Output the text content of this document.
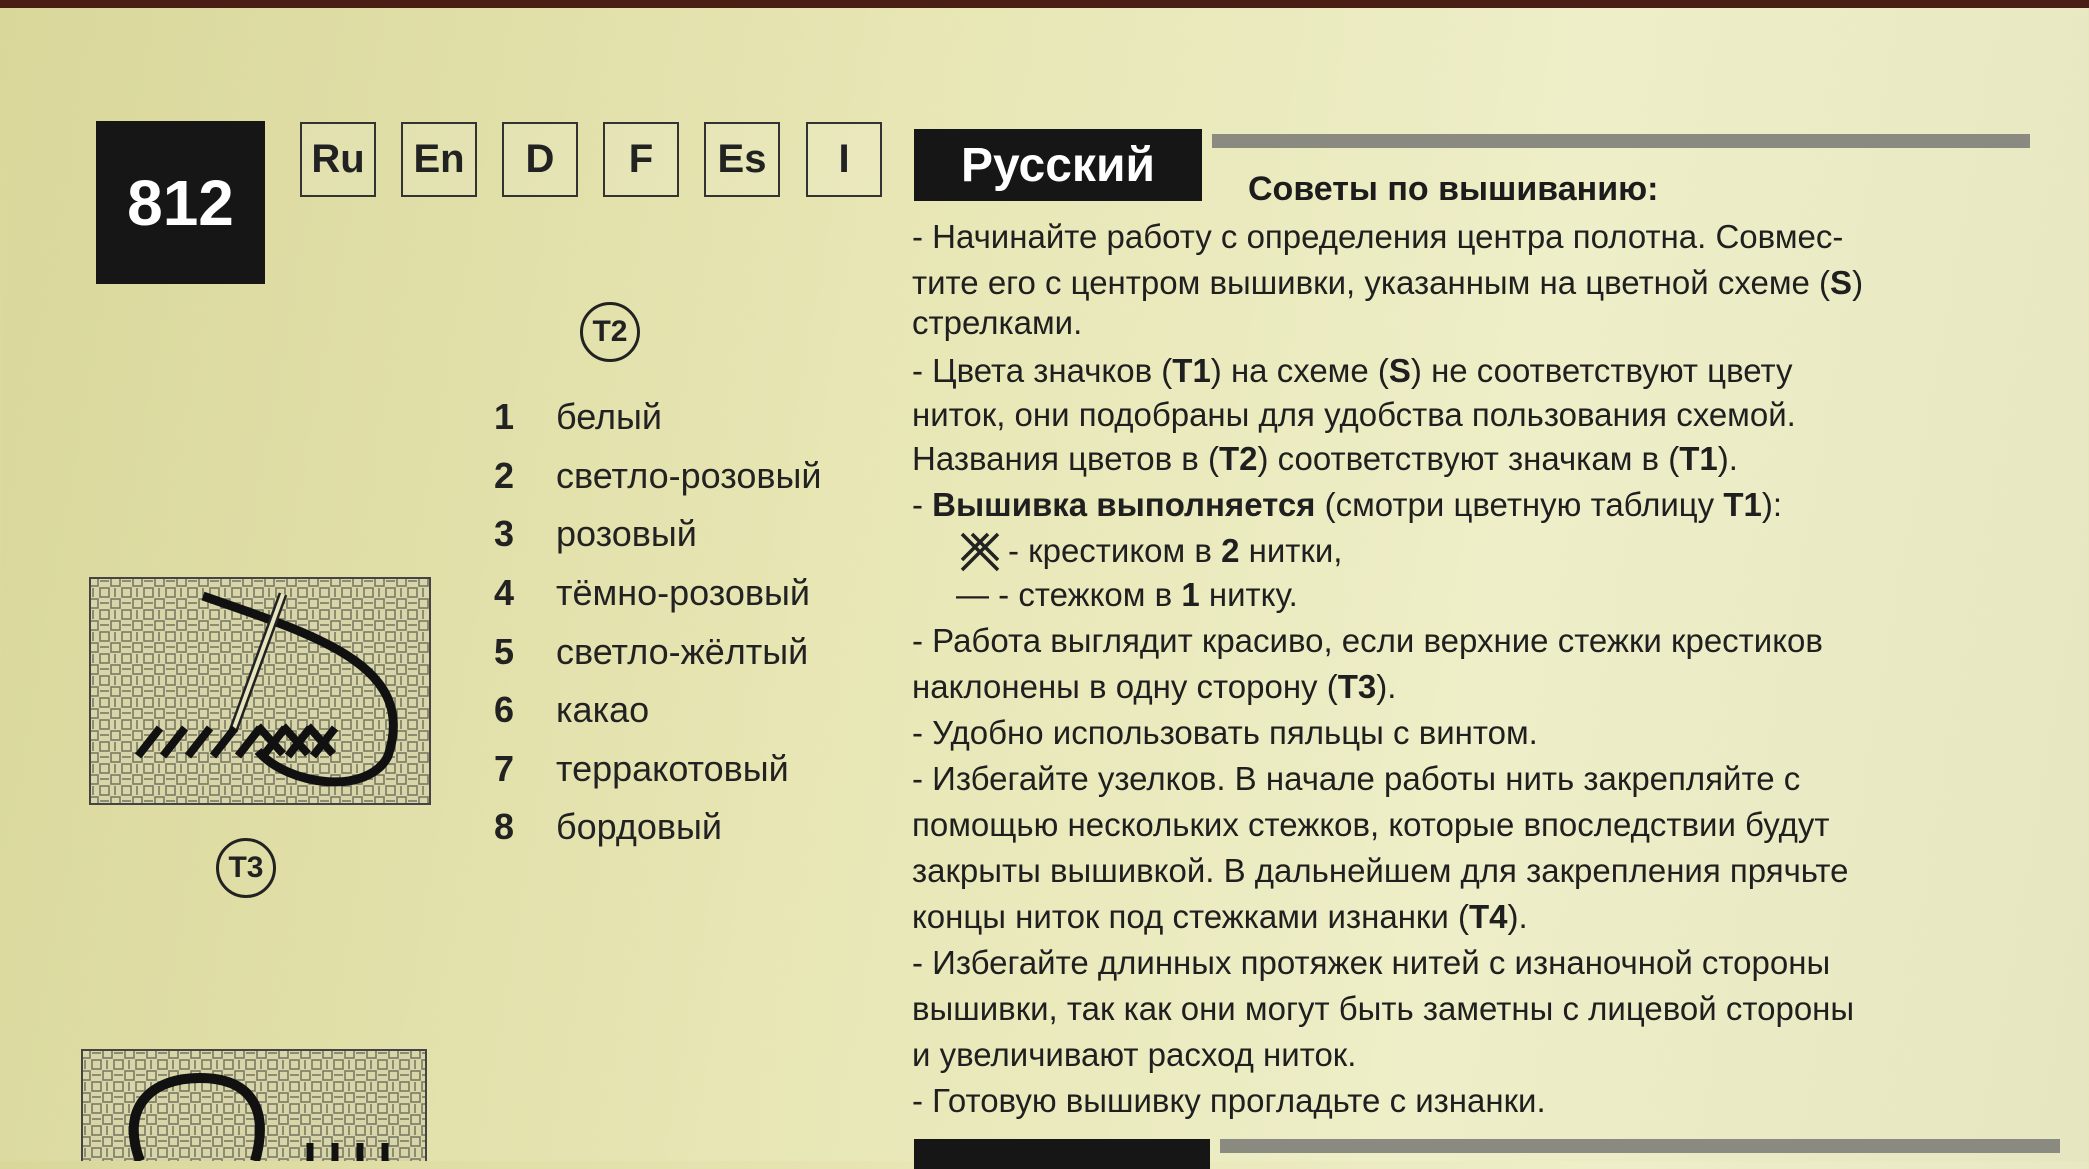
812
Ru	En	D	F	Es	I	Русский
T2
T3
1 белый
2 светло-розовый
3 розовый
4 тёмно-розовый
5 светло-жёлтый
6 какао
7 терракотовый
8 бордовый
Советы по вышиванию:
- Начинайте работу с определения центра полотна. Совмес-
тите его с центром вышивки, указанным на цветной схеме (S)
стрелками.
- Цвета значков (T1) на схеме (S) не соответствуют цвету
ниток, они подобраны для удобства пользования схемой.
Названия цветов в (T2) соответствуют значкам в (T1).
- Вышивка выполняется (смотри цветную таблицу T1):
- крестиком в 2 нитки,
— - стежком в 1 нитку.
- Работа выглядит красиво, если верхние стежки крестиков
наклонены в одну сторону (T3).
- Удобно использовать пяльцы с винтом.
- Избегайте узелков. В начале работы нить закрепляйте с
помощью нескольких стежков, которые впоследствии будут
закрыты вышивкой. В дальнейшем для закрепления прячьте
концы ниток под стежками изнанки (T4).
- Избегайте длинных протяжек нитей с изнаночной стороны
вышивки, так как они могут быть заметны с лицевой стороны
и увеличивают расход ниток.
- Готовую вышивку прогладьте с изнанки.
